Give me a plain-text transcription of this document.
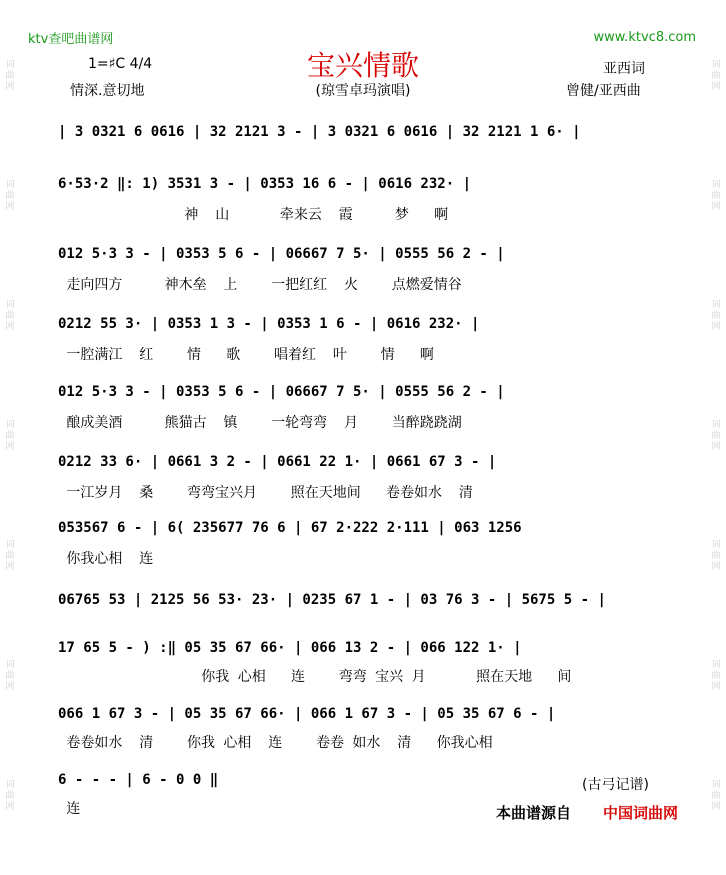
ktv查吧曲谱网	www.ktvc8.com
宝兴情歌
(琼雪卓玛演唱)
1=♯C 4/4
情深.意切地
亚西词
曾健/亚西曲
词曲网
词曲网
词曲网
词曲网
词曲网
词曲网
词曲网
词曲网
词曲网
词曲网
词曲网
词曲网
词曲网
词曲网
| 3 0321 6 0616 | 32 2121 3 - | 3 0321 6 0616 | 32 2121 1 6· |
6·53·2 ‖: 1) 3531 3 - | 0353 16 6 - | 0616 232· |
神  山      牵来云  霞     梦   啊
012 5·3 3 - | 0353 5 6 - | 06667 7 5· | 0555 56 2 - |
走向四方     神木垒  上    一把红红  火    点燃爱情谷
0212 55 3· | 0353 1 3 - | 0353 1 6 - | 0616 232· |
一腔满江  红    情   歌    唱着红  叶    情   啊
012 5·3 3 - | 0353 5 6 - | 06667 7 5· | 0555 56 2 - |
酿成美酒     熊猫古  镇    一轮弯弯  月    当醉跷跷湖
0212 33 6· | 0661 3 2 - | 0661 22 1· | 0661 67 3 - |
一江岁月  桑    弯弯宝兴月    照在天地间   卷卷如水  清
053567 6 - | 6( 235677 76 6 | 67 2·222 2·111 | 063 1256
你我心相  连
06765 53 | 2125 56 53· 23· | 0235 67 1 - | 03 76 3 - | 5675 5 - |
17 65 5 - ) :‖ 05 35 67 66· | 066 13 2 - | 066 122 1· |
你我 心相   连    弯弯 宝兴 月      照在天地   间
066 1 67 3 - | 05 35 67 66· | 066 1 67 3 - | 05 35 67 6 - |
卷卷如水  清    你我 心相  连    卷卷 如水  清   你我心相
6 - - - | 6 - 0 0 ‖
连
(古弓记谱)
本曲谱源自 中国词曲网
